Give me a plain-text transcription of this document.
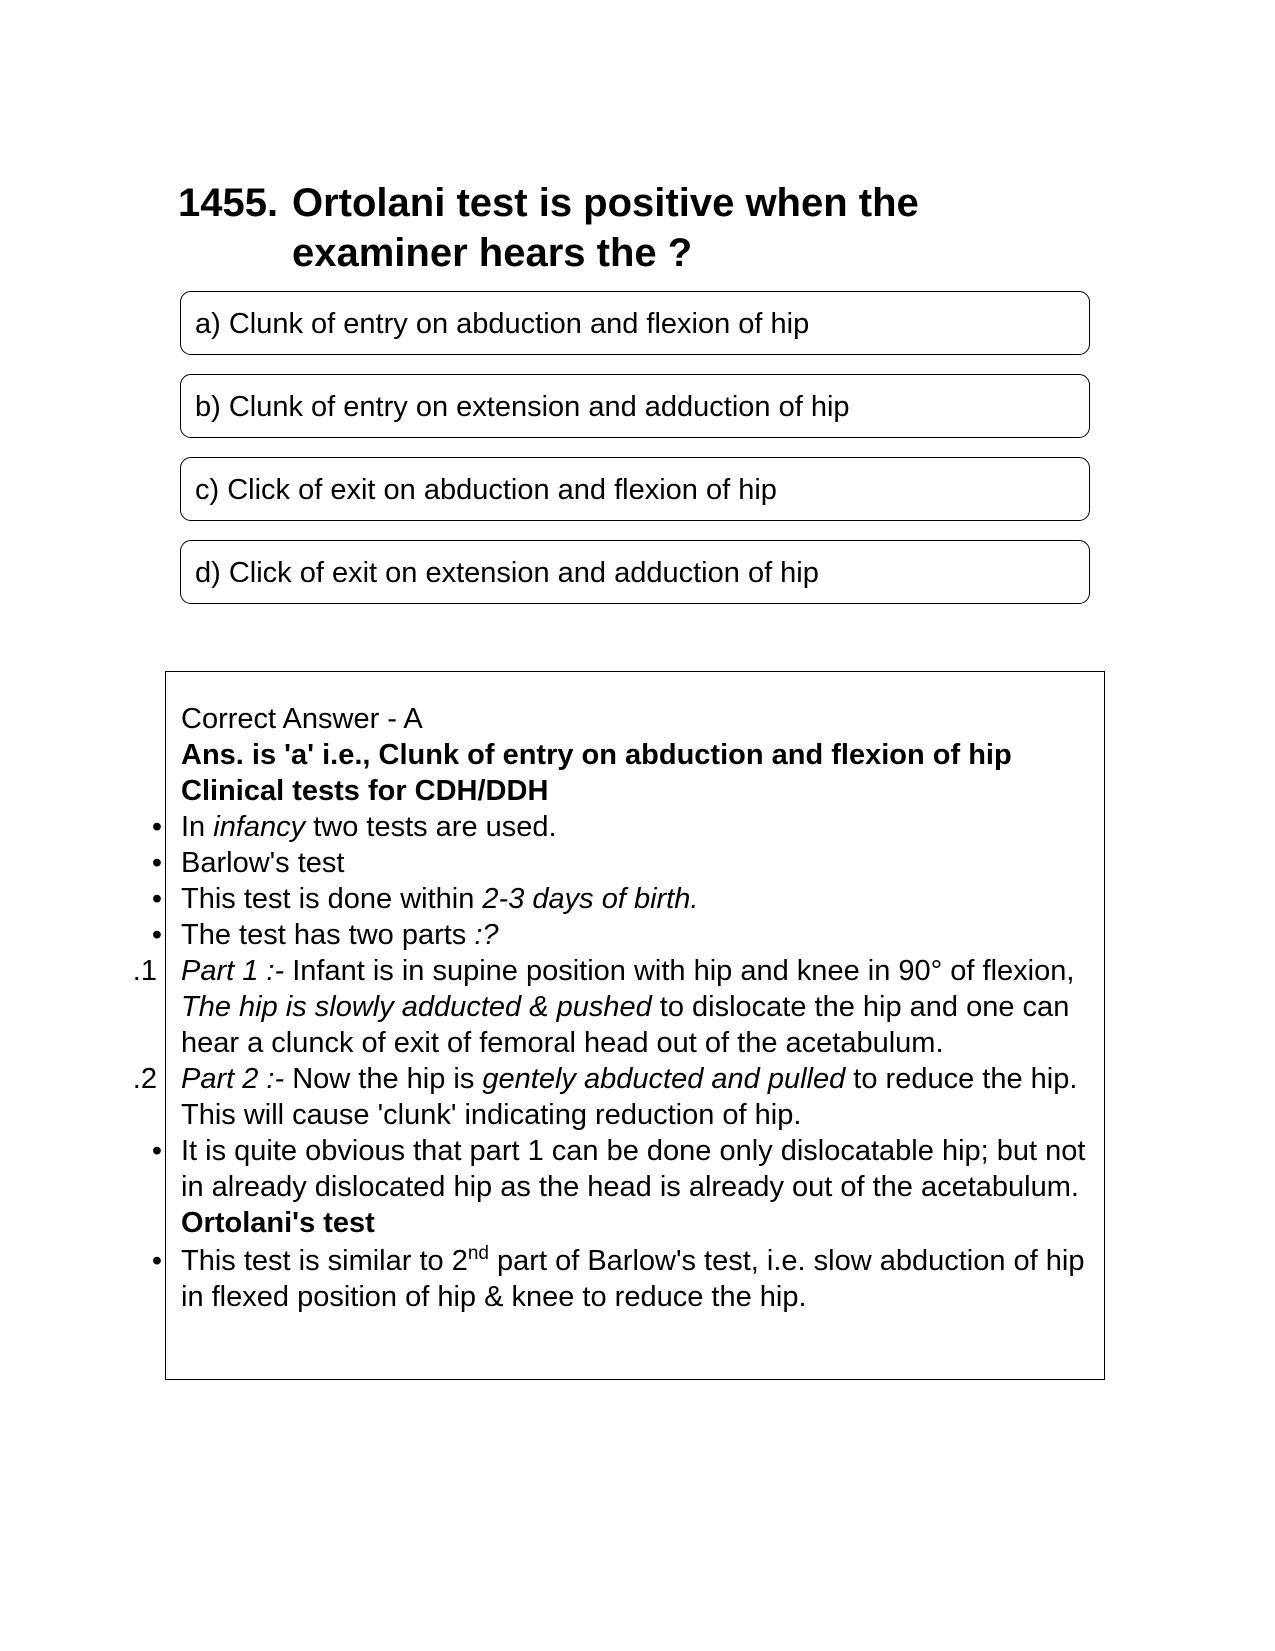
1455. Ortolani test is positive when the examiner hears the ?
a) Clunk of entry on abduction and flexion of hip
b) Clunk of entry on extension and adduction of hip
c) Click of exit on abduction and flexion of hip
d) Click of exit on extension and adduction of hip

Correct Answer - A

Ans. is 'a' i.e., Clunk of entry on abduction and flexion of hip

Clinical tests for CDH/DDH

• In infancy two tests are used.

• Barlow's test

• This test is done within 2-3 days of birth.

• The test has two parts :?

1. Part 1 :- Infant is in supine position with hip and knee in 90° of flexion, The hip is slowly adducted & pushed to dislocate the hip and one can hear a clunck of exit of femoral head out of the acetabulum.

2. Part 2 :- Now the hip is gentely abducted and pulled to reduce the hip. This will cause 'clunk' indicating reduction of hip.

• It is quite obvious that part 1 can be done only dislocatable hip; but not in already dislocated hip as the head is already out of the acetabulum.

Ortolani's test

• This test is similar to 2nd part of Barlow's test, i.e. slow abduction of hip in flexed position of hip & knee to reduce the hip.
